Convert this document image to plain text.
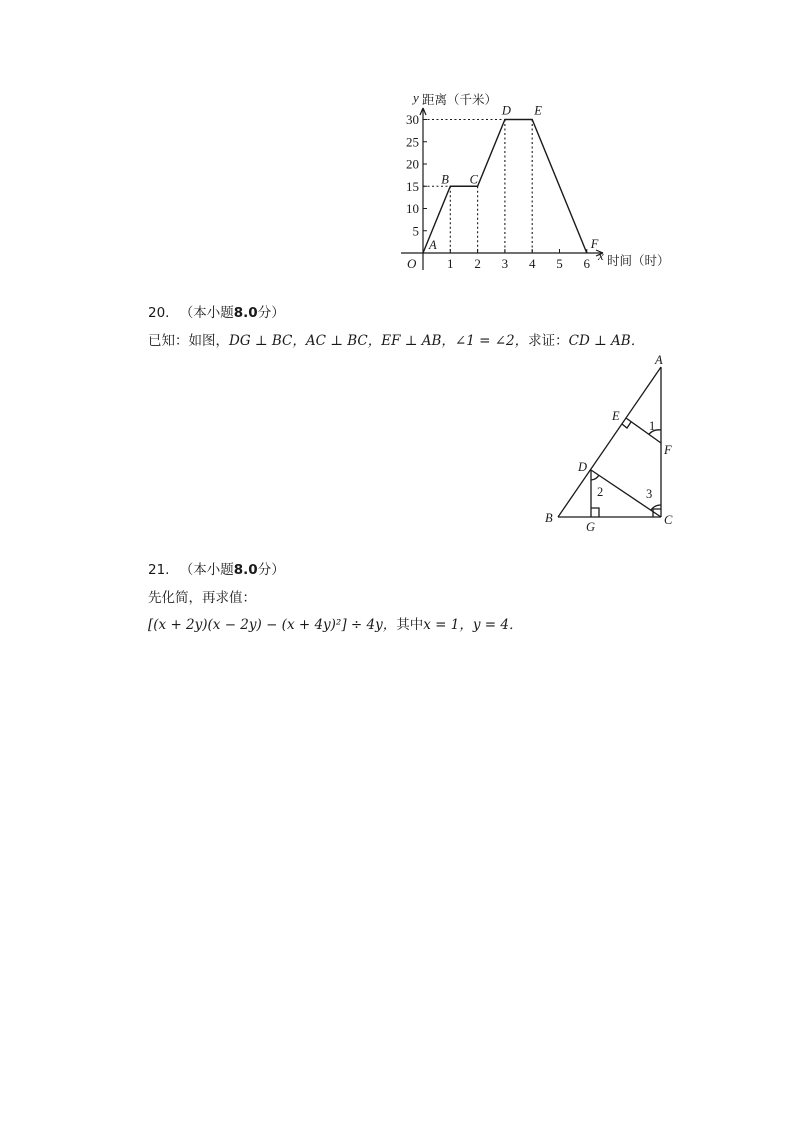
5
10
15
20
25
30
1 2 3 4 5 6
A
B C
D E
F
y 距离（千米）
x 时间（时）
O
20. （本小题8.0分）
已知：如图，DG ⊥ BC，AC ⊥ BC，EF ⊥ AB，∠1 = ∠2，求证：CD ⊥ AB．
A
B	C
D
E
F
G
1
2	3
21. （本小题8.0分）
先化简，再求值：
[(x + 2y)(x − 2y) − (x + 4y)²] ÷ 4y，其中x = 1，y = 4．
